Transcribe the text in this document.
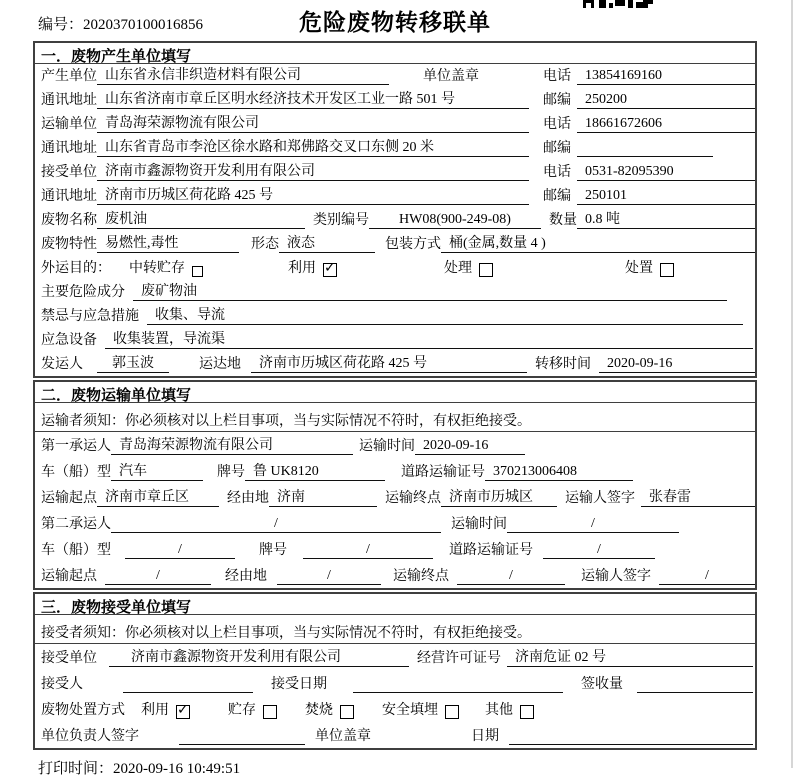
编号：2020370100016856	危险废物转移联单
一．废物产生单位填写
产生单位 山东省永信非织造材料有限公司	单位盖章	电话	13854169160
通讯地址 山东省济南市章丘区明水经济技术开发区工业一路 501 号	邮编	250200
运输单位 青岛海荣源物流有限公司	电话	18661672606
通讯地址 山东省青岛市李沧区徐水路和郑佛路交叉口东侧 20 米	邮编
接受单位 济南市鑫源物资开发利用有限公司	电话	0531-82095390
通讯地址 济南市历城区荷花路 425 号	邮编	250101
废物名称 废机油	类别编号	HW08(900-249-08)	数量 0.8 吨
废物特性 易燃性,毒性	形态 液态	包装方式 桶(金属,数量 4 )
外运目的： 中转贮存	利用 ✓	处理	处置
主要危险成分	废矿物油
禁忌与应急措施	收集、导流
应急设备	收集装置，导流渠
发运人	郭玉波	运达地	济南市历城区荷花路 425 号	转移时间	2020-09-16
二．废物运输单位填写
运输者须知：你必须核对以上栏目事项，当与实际情况不符时，有权拒绝接受。
第一承运人 青岛海荣源物流有限公司	运输时间 2020-09-16
车（船）型 汽车	牌号 鲁 UK8120	道路运输证号 370213006408
运输起点 济南市章丘区	经由地 济南	运输终点 济南市历城区	运输人签字	张春雷
第二承运人	/	运输时间	/
车（船）型	/	牌号	/	道路运输证号	/
运输起点	/	经由地	/	运输终点	/	运输人签字	/
三．废物接受单位填写
接受者须知：你必须核对以上栏目事项，当与实际情况不符时，有权拒绝接受。
接受单位	济南市鑫源物资开发利用有限公司	经营许可证号	济南危证 02 号
接受人	接受日期	签收量
废物处置方式 利用 ✓	贮存	焚烧	安全填埋	其他
单位负责人签字	单位盖章	日期
打印时间：2020-09-16 10:49:51
